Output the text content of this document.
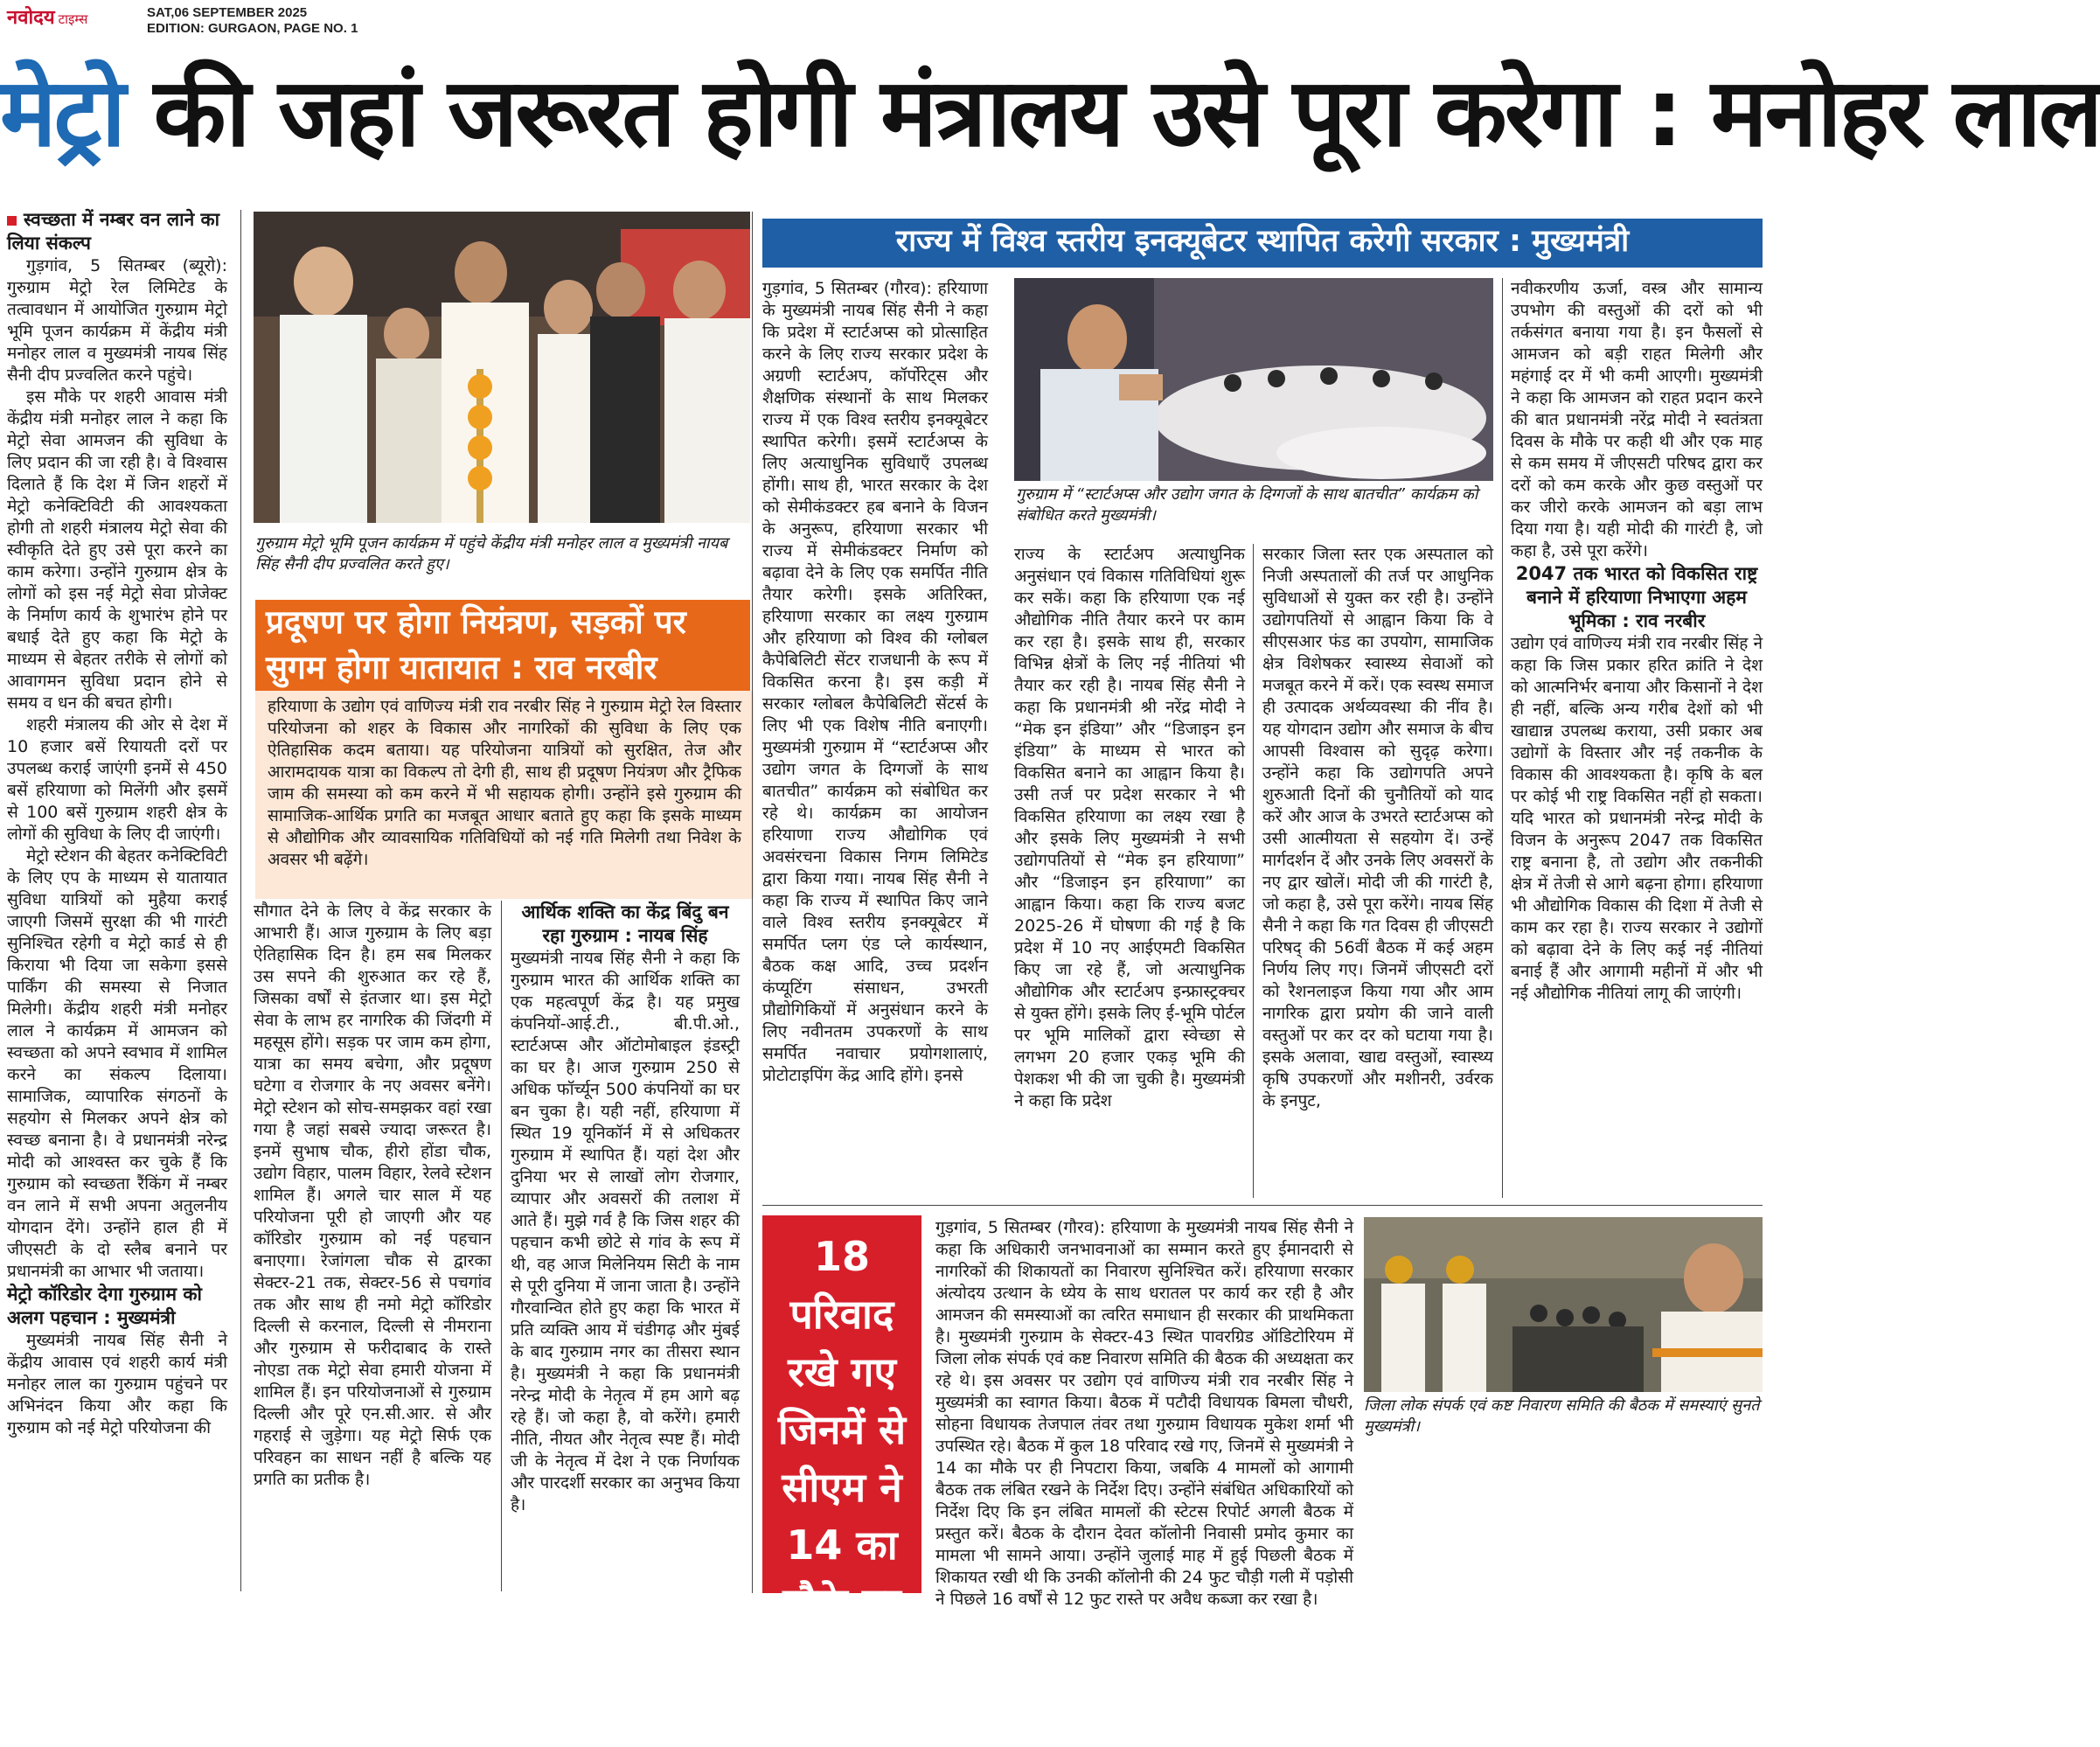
नवोदय टाइम्स	SAT,06 SEPTEMBER 2025
EDITION: GURGAON, PAGE NO. 1
मेट्रो की जहां जरूरत होगी मंत्रालय उसे पूरा करेगा : मनोहर लाल
स्वच्छता में नम्बर वन लाने का लिया संकल्प

गुड़गांव, 5 सितम्बर (ब्यूरो): गुरुग्राम मेट्रो रेल लिमिटेड के तत्वावधान में आयोजित गुरुग्राम मेट्रो भूमि पूजन कार्यक्रम में केंद्रीय मंत्री मनोहर लाल व मुख्यमंत्री नायब सिंह सैनी दीप प्रज्वलित करने पहुंचे।

इस मौके पर शहरी आवास मंत्री केंद्रीय मंत्री मनोहर लाल ने कहा कि मेट्रो सेवा आमजन की सुविधा के लिए प्रदान की जा रही है। वे विश्वास दिलाते हैं कि देश में जिन शहरों में मेट्रो कनेक्टिविटी की आवश्यकता होगी तो शहरी मंत्रालय मेट्रो सेवा की स्वीकृति देते हुए उसे पूरा करने का काम करेगा। उन्होंने गुरुग्राम क्षेत्र के लोगों को इस नई मेट्रो सेवा प्रोजेक्ट के निर्माण कार्य के शुभारंभ होने पर बधाई देते हुए कहा कि मेट्रो के माध्यम से बेहतर तरीके से लोगों को आवागमन सुविधा प्रदान होने से समय व धन की बचत होगी।

शहरी मंत्रालय की ओर से देश में 10 हजार बसें रियायती दरों पर उपलब्ध कराई जाएंगी इनमें से 450 बसें हरियाणा को मिलेंगी और इसमें से 100 बसें गुरुग्राम शहरी क्षेत्र के लोगों की सुविधा के लिए दी जाएंगी।

मेट्रो स्टेशन की बेहतर कनेक्टिविटी के लिए एप के माध्यम से यातायात सुविधा यात्रियों को मुहैया कराई जाएगी जिसमें सुरक्षा की भी गारंटी सुनिश्चित रहेगी व मेट्रो कार्ड से ही किराया भी दिया जा सकेगा इससे पार्किंग की समस्या से निजात मिलेगी। केंद्रीय शहरी मंत्री मनोहर लाल ने कार्यक्रम में आमजन को स्वच्छता को अपने स्वभाव में शामिल करने का संकल्प दिलाया। सामाजिक, व्यापारिक संगठनों के सहयोग से मिलकर अपने क्षेत्र को स्वच्छ बनाना है। वे प्रधानमंत्री नरेन्द्र मोदी को आश्वस्त कर चुके हैं कि गुरुग्राम को स्वच्छता रैंकिंग में नम्बर वन लाने में सभी अपना अतुलनीय योगदान देंगे। उन्होंने हाल ही में जीएसटी के दो स्लैब बनाने पर प्रधानमंत्री का आभार भी जताया।

मेट्रो कॉरिडोर देगा गुरुग्राम को अलग पहचान : मुख्यमंत्री

मुख्यमंत्री नायब सिंह सैनी ने केंद्रीय आवास एवं शहरी कार्य मंत्री मनोहर लाल का गुरुग्राम पहुंचने पर अभिनंदन किया और कहा कि गुरुग्राम को नई मेट्रो परियोजना की

गुरुग्राम मेट्रो भूमि पूजन कार्यक्रम में पहुंचे केंद्रीय मंत्री मनोहर लाल व मुख्यमंत्री नायब सिंह सैनी दीप प्रज्वलित करते हुए।
प्रदूषण पर होगा नियंत्रण, सड़कों पर सुगम होगा यातायात : राव नरबीर
हरियाणा के उद्योग एवं वाणिज्य मंत्री राव नरबीर सिंह ने गुरुग्राम मेट्रो रेल विस्तार परियोजना को शहर के विकास और नागरिकों की सुविधा के लिए एक ऐतिहासिक कदम बताया। यह परियोजना यात्रियों को सुरक्षित, तेज और आरामदायक यात्रा का विकल्प तो देगी ही, साथ ही प्रदूषण नियंत्रण और ट्रैफिक जाम की समस्या को कम करने में भी सहायक होगी। उन्होंने इसे गुरुग्राम की सामाजिक-आर्थिक प्रगति का मजबूत आधार बताते हुए कहा कि इसके माध्यम से औद्योगिक और व्यावसायिक गतिविधियों को नई गति मिलेगी तथा निवेश के अवसर भी बढ़ेंगे।
सौगात देने के लिए वे केंद्र सरकार के आभारी हैं। आज गुरुग्राम के लिए बड़ा ऐतिहासिक दिन है। हम सब मिलकर उस सपने की शुरुआत कर रहे हैं, जिसका वर्षों से इंतजार था। इस मेट्रो सेवा के लाभ हर नागरिक की जिंदगी में महसूस होंगे। सड़क पर जाम कम होगा, यात्रा का समय बचेगा, और प्रदूषण घटेगा व रोजगार के नए अवसर बनेंगे। मेट्रो स्टेशन को सोच-समझकर वहां रखा गया है जहां सबसे ज्यादा जरूरत है। इनमें सुभाष चौक, हीरो होंडा चौक, उद्योग विहार, पालम विहार, रेलवे स्टेशन शामिल हैं। अगले चार साल में यह परियोजना पूरी हो जाएगी और यह कॉरिडोर गुरुग्राम को नई पहचान बनाएगा। रेजांगला चौक से द्वारका सेक्टर-21 तक, सेक्टर-56 से पचगांव तक और साथ ही नमो मेट्रो कॉरिडोर दिल्ली से करनाल, दिल्ली से नीमराना और गुरुग्राम से फरीदाबाद के रास्ते नोएडा तक मेट्रो सेवा हमारी योजना में शामिल हैं। इन परियोजनाओं से गुरुग्राम दिल्ली और पूरे एन.सी.आर. से और गहराई से जुड़ेगा। यह मेट्रो सिर्फ एक परिवहन का साधन नहीं है बल्कि यह प्रगति का प्रतीक है।
आर्थिक शक्ति का केंद्र बिंदु बन रहा गुरुग्राम : नायब सिंह
मुख्यमंत्री नायब सिंह सैनी ने कहा कि गुरुग्राम भारत की आर्थिक शक्ति का एक महत्वपूर्ण केंद्र है। यह प्रमुख कंपनियों-आई.टी., बी.पी.ओ., स्टार्टअप्स और ऑटोमोबाइल इंडस्ट्री का घर है। आज गुरुग्राम 250 से अधिक फॉर्च्यून 500 कंपनियों का घर बन चुका है। यही नहीं, हरियाणा में स्थित 19 यूनिकॉर्न में से अधिकतर गुरुग्राम में स्थापित हैं। यहां देश और दुनिया भर से लाखों लोग रोजगार, व्यापार और अवसरों की तलाश में आते हैं। मुझे गर्व है कि जिस शहर की पहचान कभी छोटे से गांव के रूप में थी, वह आज मिलेनियम सिटी के नाम से पूरी दुनिया में जाना जाता है। उन्होंने गौरवान्वित होते हुए कहा कि भारत में प्रति व्यक्ति आय में चंडीगढ़ और मुंबई के बाद गुरुग्राम नगर का तीसरा स्थान है। मुख्यमंत्री ने कहा कि प्रधानमंत्री नरेन्द्र मोदी के नेतृत्व में हम आगे बढ़ रहे हैं। जो कहा है, वो करेंगे। हमारी नीति, नीयत और नेतृत्व स्पष्ट हैं। मोदी जी के नेतृत्व में देश ने एक निर्णायक और पारदर्शी सरकार का अनुभव किया है।
राज्य में विश्व स्तरीय इनक्यूबेटर स्थापित करेगी सरकार : मुख्यमंत्री
गुड़गांव, 5 सितम्बर (गौरव): हरियाणा के मुख्यमंत्री नायब सिंह सैनी ने कहा कि प्रदेश में स्टार्टअप्स को प्रोत्साहित करने के लिए राज्य सरकार प्रदेश के अग्रणी स्टार्टअप, कॉर्पोरेट्स और शैक्षणिक संस्थानों के साथ मिलकर राज्य में एक विश्व स्तरीय इनक्यूबेटर स्थापित करेगी। इसमें स्टार्टअप्स के लिए अत्याधुनिक सुविधाएँ उपलब्ध होंगी। साथ ही, भारत सरकार के देश को सेमीकंडक्टर हब बनाने के विजन के अनुरूप, हरियाणा सरकार भी राज्य में सेमीकंडक्टर निर्माण को बढ़ावा देने के लिए एक समर्पित नीति तैयार करेगी। इसके अतिरिक्त, हरियाणा सरकार का लक्ष्य गुरुग्राम और हरियाणा को विश्व की ग्लोबल कैपेबिलिटी सेंटर राजधानी के रूप में विकसित करना है। इस कड़ी में सरकार ग्लोबल कैपेबिलिटी सेंटर्स के लिए भी एक विशेष नीति बनाएगी। मुख्यमंत्री गुरुग्राम में “स्टार्टअप्स और उद्योग जगत के दिग्गजों के साथ बातचीत” कार्यक्रम को संबोधित कर रहे थे। कार्यक्रम का आयोजन हरियाणा राज्य औद्योगिक एवं अवसंरचना विकास निगम लिमिटेड द्वारा किया गया। नायब सिंह सैनी ने कहा कि राज्य में स्थापित किए जाने वाले विश्व स्तरीय इनक्यूबेटर में समर्पित प्लग एंड प्ले कार्यस्थान, बैठक कक्ष आदि, उच्च प्रदर्शन कंप्यूटिंग संसाधन, उभरती प्रौद्योगिकियों में अनुसंधान करने के लिए नवीनतम उपकरणों के साथ समर्पित नवाचार प्रयोगशालाएं, प्रोटोटाइपिंग केंद्र आदि होंगे। इनसे
गुरुग्राम में “स्टार्टअप्स और उद्योग जगत के दिग्गजों के साथ बातचीत” कार्यक्रम को संबोधित करते मुख्यमंत्री।
राज्य के स्टार्टअप अत्याधुनिक अनुसंधान एवं विकास गतिविधियां शुरू कर सकें। कहा कि हरियाणा एक नई औद्योगिक नीति तैयार करने पर काम कर रहा है। इसके साथ ही, सरकार विभिन्न क्षेत्रों के लिए नई नीतियां भी तैयार कर रही है। नायब सिंह सैनी ने कहा कि प्रधानमंत्री श्री नरेंद्र मोदी ने “मेक इन इंडिया” और “डिजाइन इन इंडिया” के माध्यम से भारत को विकसित बनाने का आह्वान किया है। उसी तर्ज पर प्रदेश सरकार ने भी विकसित हरियाणा का लक्ष्य रखा है और इसके लिए मुख्यमंत्री ने सभी उद्योगपतियों से “मेक इन हरियाणा” और “डिजाइन इन हरियाणा” का आह्वान किया। कहा कि राज्य बजट 2025-26 में घोषणा की गई है कि प्रदेश में 10 नए आईएमटी विकसित किए जा रहे हैं, जो अत्याधुनिक औद्योगिक और स्टार्टअप इन्फ्रास्ट्रक्चर से युक्त होंगे। इसके लिए ई-भूमि पोर्टल पर भूमि मालिकों द्वारा स्वेच्छा से लगभग 20 हजार एकड़ भूमि की पेशकश भी की जा चुकी है। मुख्यमंत्री ने कहा कि प्रदेश
सरकार जिला स्तर एक अस्पताल को निजी अस्पतालों की तर्ज पर आधुनिक सुविधाओं से युक्त कर रही है। उन्होंने उद्योगपतियों से आह्वान किया कि वे सीएसआर फंड का उपयोग, सामाजिक क्षेत्र विशेषकर स्वास्थ्य सेवाओं को मजबूत करने में करें। एक स्वस्थ समाज ही उत्पादक अर्थव्यवस्था की नींव है। यह योगदान उद्योग और समाज के बीच आपसी विश्वास को सुदृढ़ करेगा। उन्होंने कहा कि उद्योगपति अपने शुरुआती दिनों की चुनौतियों को याद करें और आज के उभरते स्टार्टअप्स को उसी आत्मीयता से सहयोग दें। उन्हें मार्गदर्शन दें और उनके लिए अवसरों के नए द्वार खोलें। मोदी जी की गारंटी है, जो कहा है, उसे पूरा करेंगे। नायब सिंह सैनी ने कहा कि गत दिवस ही जीएसटी परिषद् की 56वीं बैठक में कई अहम निर्णय लिए गए। जिनमें जीएसटी दरों को रैशनलाइज किया गया और आम नागरिक द्वारा प्रयोग की जाने वाली वस्तुओं पर कर दर को घटाया गया है। इसके अलावा, खाद्य वस्तुओं, स्वास्थ्य कृषि उपकरणों और मशीनरी, उर्वरक के इनपुट,
नवीकरणीय ऊर्जा, वस्त्र और सामान्य उपभोग की वस्तुओं की दरों को भी तर्कसंगत बनाया गया है। इन फैसलों से आमजन को बड़ी राहत मिलेगी और महंगाई दर में भी कमी आएगी। मुख्यमंत्री ने कहा कि आमजन को राहत प्रदान करने की बात प्रधानमंत्री नरेंद्र मोदी ने स्वतंत्रता दिवस के मौके पर कही थी और एक माह से कम समय में जीएसटी परिषद द्वारा कर दरों को कम करके और कुछ वस्तुओं पर कर जीरो करके आमजन को बड़ा लाभ दिया गया है। यही मोदी की गारंटी है, जो कहा है, उसे पूरा करेंगे।
2047 तक भारत को विकसित राष्ट्र बनाने में हरियाणा निभाएगा अहम भूमिका : राव नरबीर
उद्योग एवं वाणिज्य मंत्री राव नरबीर सिंह ने कहा कि जिस प्रकार हरित क्रांति ने देश को आत्मनिर्भर बनाया और किसानों ने देश ही नहीं, बल्कि अन्य गरीब देशों को भी खाद्यान्न उपलब्ध कराया, उसी प्रकार अब उद्योगों के विस्तार और नई तकनीक के विकास की आवश्यकता है। कृषि के बल पर कोई भी राष्ट्र विकसित नहीं हो सकता। यदि भारत को प्रधानमंत्री नरेन्द्र मोदी के विजन के अनुरूप 2047 तक विकसित राष्ट्र बनाना है, तो उद्योग और तकनीकी क्षेत्र में तेजी से आगे बढ़ना होगा। हरियाणा भी औद्योगिक विकास की दिशा में तेजी से काम कर रहा है। राज्य सरकार ने उद्योगों को बढ़ावा देने के लिए कई नई नीतियां बनाई हैं और आगामी महीनों में और भी नई औद्योगिक नीतियां लागू की जाएंगी।
18 परिवाद रखे गए जिनमें से सीएम ने 14 का मौके पर ही निपटारा किया
गुड़गांव, 5 सितम्बर (गौरव): हरियाणा के मुख्यमंत्री नायब सिंह सैनी ने कहा कि अधिकारी जनभावनाओं का सम्मान करते हुए ईमानदारी से नागरिकों की शिकायतों का निवारण सुनिश्चित करें। हरियाणा सरकार अंत्योदय उत्थान के ध्येय के साथ धरातल पर कार्य कर रही है और आमजन की समस्याओं का त्वरित समाधान ही सरकार की प्राथमिकता है। मुख्यमंत्री गुरुग्राम के सेक्टर-43 स्थित पावरग्रिड ऑडिटोरियम में जिला लोक संपर्क एवं कष्ट निवारण समिति की बैठक की अध्यक्षता कर रहे थे। इस अवसर पर उद्योग एवं वाणिज्य मंत्री राव नरबीर सिंह ने मुख्यमंत्री का स्वागत किया। बैठक में पटौदी विधायक बिमला चौधरी, सोहना विधायक तेजपाल तंवर तथा गुरुग्राम विधायक मुकेश शर्मा भी उपस्थित रहे। बैठक में कुल 18 परिवाद रखे गए, जिनमें से मुख्यमंत्री ने 14 का मौके पर ही निपटारा किया, जबकि 4 मामलों को आगामी बैठक तक लंबित रखने के निर्देश दिए। उन्होंने संबंधित अधिकारियों को निर्देश दिए कि इन लंबित मामलों की स्टेटस रिपोर्ट अगली बैठक में प्रस्तुत करें। बैठक के दौरान देवत कॉलोनी निवासी प्रमोद कुमार का मामला भी सामने आया। उन्होंने जुलाई माह में हुई पिछली बैठक में शिकायत रखी थी कि उनकी कॉलोनी की 24 फुट चौड़ी गली में पड़ोसी ने पिछले 16 वर्षों से 12 फुट रास्ते पर अवैध कब्जा कर रखा है।
जिला लोक संपर्क एवं कष्ट निवारण समिति की बैठक में समस्याएं सुनते मुख्यमंत्री।
